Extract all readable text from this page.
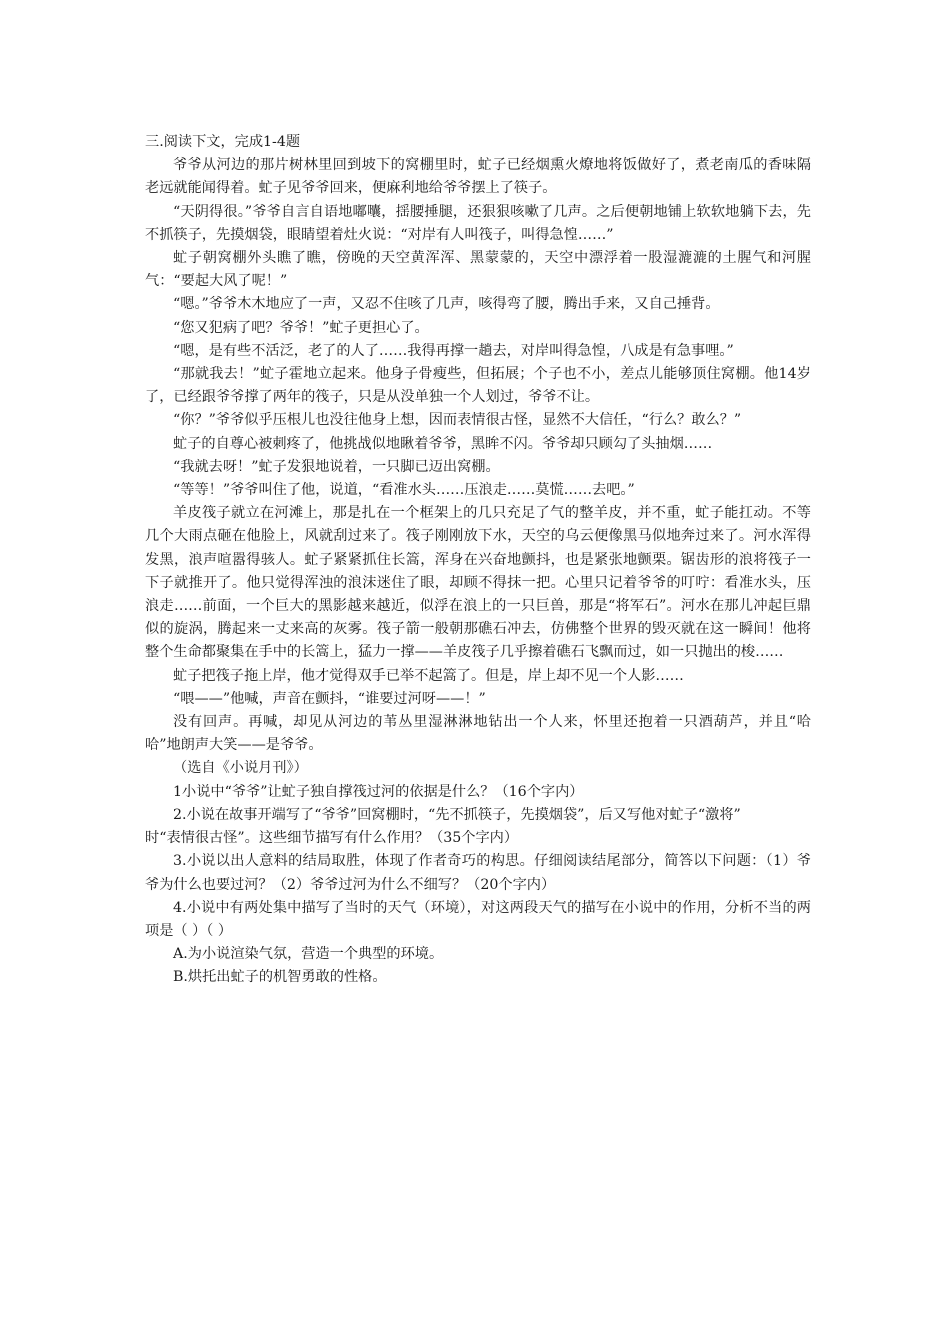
三.阅读下文，完成1-4题

爷爷从河边的那片树林里回到坡下的窝棚里时，虻子已经烟熏火燎地将饭做好了，煮老南瓜的香味隔老远就能闻得着。虻子见爷爷回来，便麻利地给爷爷摆上了筷子。

“天阴得很。”爷爷自言自语地嘟囔，揺腰捶腿，还狠狠咳嗽了几声。之后便朝地铺上软软地躺下去，先不抓筷子，先摸烟袋，眼睛望着灶火说：“对岸有人叫筏子，叫得急惶……”

虻子朝窝棚外头瞧了瞧，傍晚的天空黄浑浑、黑蒙蒙的，天空中漂浮着一股湿漉漉的土腥气和河腥气：“要起大风了呢！”

“嗯。”爷爷木木地应了一声，又忍不住咳了几声，咳得弯了腰，腾出手来，又自己捶背。

“您又犯病了吧？爷爷！”虻子更担心了。

“嗯，是有些不活泛，老了的人了……我得再撑一趟去，对岸叫得急惶，八成是有急事哩。”

“那就我去！”虻子霍地立起来。他身子骨瘦些，但拓展；个子也不小，差点儿能够顶住窝棚。他14岁了，已经跟爷爷撑了两年的筏子，只是从没单独一个人划过，爷爷不让。

“你？”爷爷似乎压根儿也没往他身上想，因而表情很古怪，显然不大信任，“行么？敢么？”

虻子的自尊心被刺疼了，他挑战似地瞅着爷爷，黑眸不闪。爷爷却只顾勾了头抽烟……

“我就去呀！”虻子发狠地说着，一只脚已迈出窝棚。

“等等！”爷爷叫住了他，说道，“看准水头……压浪走……莫慌……去吧。”

羊皮筏子就立在河滩上，那是扎在一个框架上的几只充足了气的整羊皮，并不重，虻子能扛动。不等几个大雨点砸在他脸上，风就刮过来了。筏子刚刚放下水，天空的乌云便像黑马似地奔过来了。河水浑得发黑，浪声喧嚣得骇人。虻子紧紧抓住长篙，浑身在兴奋地颤抖，也是紧张地颤栗。锯齿形的浪将筏子一下子就推开了。他只觉得浑浊的浪沫迷住了眼，却顾不得抹一把。心里只记着爷爷的叮咛：看准水头，压浪走……前面，一个巨大的黑影越来越近，似浮在浪上的一只巨兽，那是“将军石”。河水在那儿冲起巨鼎似的旋涡，腾起来一丈来高的灰雾。筏子箭一般朝那礁石冲去，仿佛整个世界的毁灭就在这一瞬间！他将整个生命都聚集在手中的长篙上，猛力一撑——羊皮筏子几乎擦着礁石飞飘而过，如一只抛出的梭……

虻子把筏子拖上岸，他才觉得双手已举不起篙了。但是，岸上却不见一个人影……

“喂——”他喊，声音在颤抖，“谁要过河呀——！”

没有回声。再喊，却见从河边的苇丛里湿淋淋地钻出一个人来，怀里还抱着一只酒葫芦，并且“哈哈”地朗声大笑——是爷爷。

（选自《小说月刊》）

1小说中“爷爷”让虻子独自撑筏过河的依据是什么？（16个字内）

2.小说在故事开端写了“爷爷”回窝棚时，“先不抓筷子，先摸烟袋”，后又写他对虻子“激将”

时“表情很古怪”。这些细节描写有什么作用？（35个字内）

3.小说以出人意料的结局取胜，体现了作者奇巧的构思。仔细阅读结尾部分，简答以下问题：（1）爷爷为什么也要过河？（2）爷爷过河为什么不细写？（20个字内）

4.小说中有两处集中描写了当时的天气（环境），对这两段天气的描写在小说中的作用，分析不当的两项是（ ）（ ）

A.为小说渲染气氛，营造一个典型的环境。

B.烘托出虻子的机智勇敢的性格。
